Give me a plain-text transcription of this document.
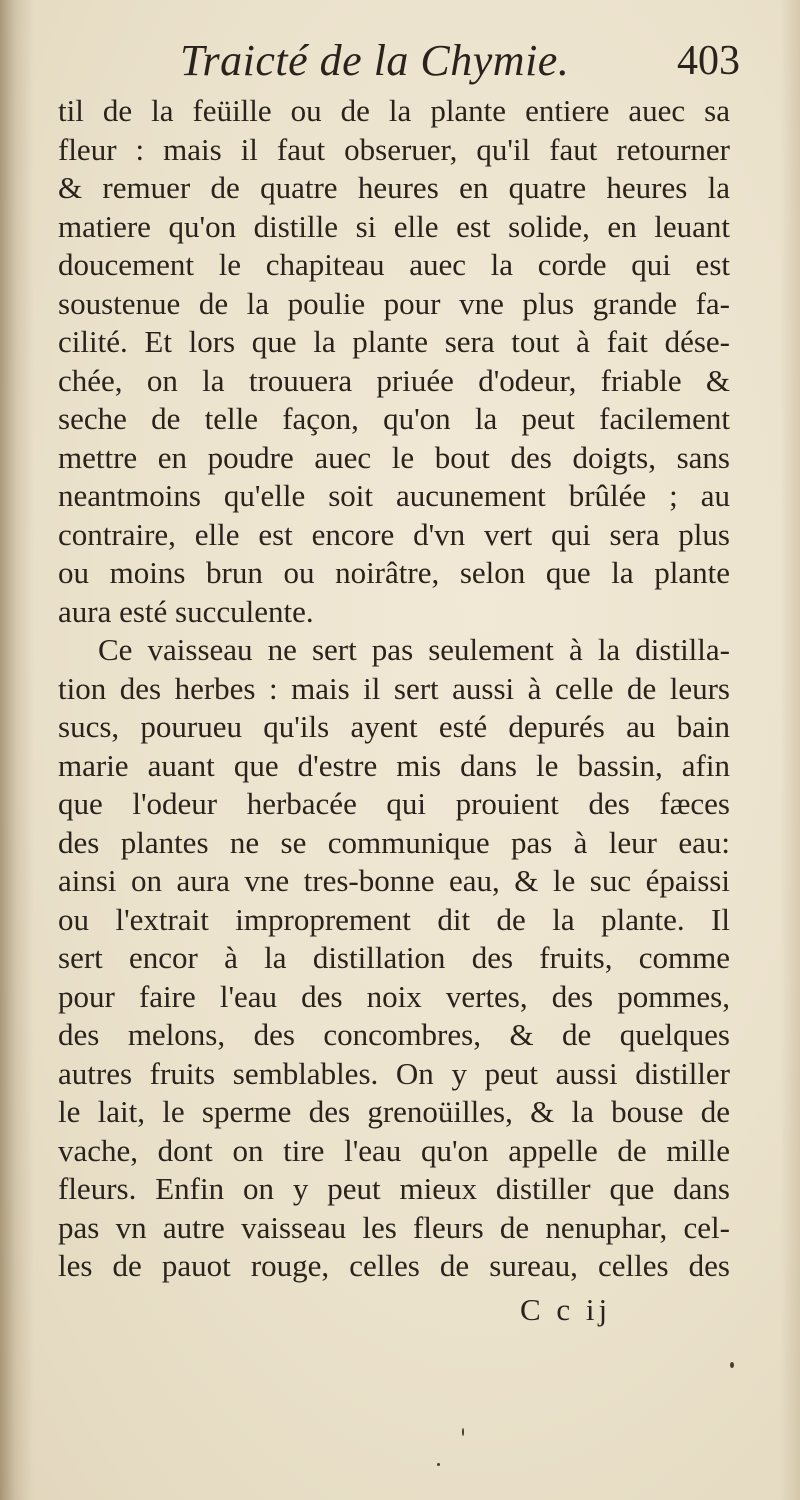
Traicté de la Chymie.	403
til de la feüille ou de la plante entiere auec sa
fleur : mais il faut obseruer, qu'il faut retourner
& remuer de quatre heures en quatre heures la
matiere qu'on distille si elle est solide, en leuant
doucement le chapiteau auec la corde qui est
soustenue de la poulie pour vne plus grande fa-
cilité. Et lors que la plante sera tout à fait dése-
chée, on la trouuera priuée d'odeur, friable &
seche de telle façon, qu'on la peut facilement
mettre en poudre auec le bout des doigts, sans
neantmoins qu'elle soit aucunement brûlée ; au
contraire, elle est encore d'vn vert qui sera plus
ou moins brun ou noirâtre, selon que la plante
aura esté succulente.
Ce vaisseau ne sert pas seulement à la distilla-
tion des herbes : mais il sert aussi à celle de leurs
sucs, pourueu qu'ils ayent esté depurés au bain
marie auant que d'estre mis dans le bassin, afin
que l'odeur herbacée qui prouient des fæces
des plantes ne se communique pas à leur eau:
ainsi on aura vne tres-bonne eau, & le suc épaissi
ou l'extrait improprement dit de la plante. Il
sert encor à la distillation des fruits, comme
pour faire l'eau des noix vertes, des pommes,
des melons, des concombres, & de quelques
autres fruits semblables. On y peut aussi distiller
le lait, le sperme des grenoüilles, & la bouse de
vache, dont on tire l'eau qu'on appelle de mille
fleurs. Enfin on y peut mieux distiller que dans
pas vn autre vaisseau les fleurs de nenuphar, cel-
les de pauot rouge, celles de sureau, celles des
C c ij
